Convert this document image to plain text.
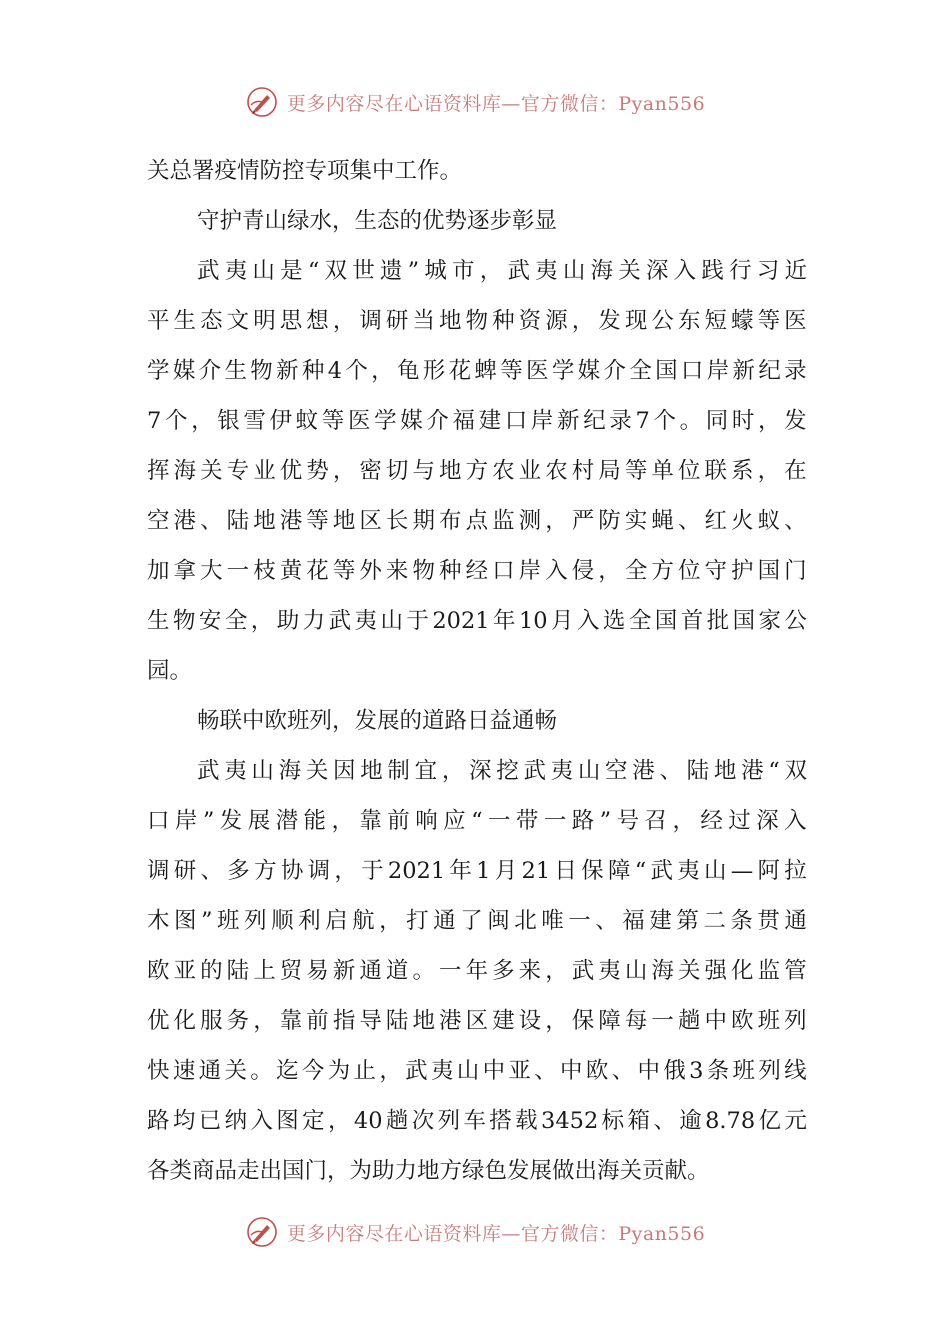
更多内容尽在心语资料库—官方微信：Pyan556
关总署疫情防控专项集中工作。
守护青山绿水，生态的优势逐步彰显
武 夷 山 是 “ 双 世 遗 ” 城 市 ， 武 夷 山 海 关 深 入 践 行 习 近
平 生 态 文 明 思 想 ， 调 研 当 地 物 种 资 源 ， 发 现 公 东 短 蠓 等 医
学 媒 介 生 物 新 种 4 个 ， 龟 形 花 蜱 等 医 学 媒 介 全 国 口 岸 新 纪 录
7 个 ， 银 雪 伊 蚊 等 医 学 媒 介 福 建 口 岸 新 纪 录 7 个 。 同 时 ， 发
挥 海 关 专 业 优 势 ， 密 切 与 地 方 农 业 农 村 局 等 单 位 联 系 ， 在
空 港 、 陆 地 港 等 地 区 长 期 布 点 监 测 ， 严 防 实 蝇 、 红 火 蚁 、
加 拿 大 一 枝 黄 花 等 外 来 物 种 经 口 岸 入 侵 ， 全 方 位 守 护 国 门
生 物 安 全 ， 助 力 武 夷 山 于 2021 年 10 月 入 选 全 国 首 批 国 家 公
园。
畅联中欧班列，发展的道路日益通畅
武 夷 山 海 关 因 地 制 宜 ， 深 挖 武 夷 山 空 港 、 陆 地 港 “ 双
口 岸 ” 发 展 潜 能 ， 靠 前 响 应 “ 一 带 一 路 ” 号 召 ， 经 过 深 入
调 研 、 多 方 协 调 ， 于 2021 年 1 月 21 日 保 障 “ 武 夷 山 — 阿 拉
木 图 ” 班 列 顺 利 启 航 ， 打 通 了 闽 北 唯 一 、 福 建 第 二 条 贯 通
欧 亚 的 陆 上 贸 易 新 通 道 。 一 年 多 来 ， 武 夷 山 海 关 强 化 监 管
优 化 服 务 ， 靠 前 指 导 陆 地 港 区 建 设 ， 保 障 每 一 趟 中 欧 班 列
快 速 通 关 。 迄 今 为 止 ， 武 夷 山 中 亚 、 中 欧 、 中 俄 3 条 班 列 线
路 均 已 纳 入 图 定 ， 40 趟 次 列 车 搭 载 3452 标 箱 、 逾 8.78 亿 元
各类商品走出国门，为助力地方绿色发展做出海关贡献。
更多内容尽在心语资料库—官方微信：Pyan556
